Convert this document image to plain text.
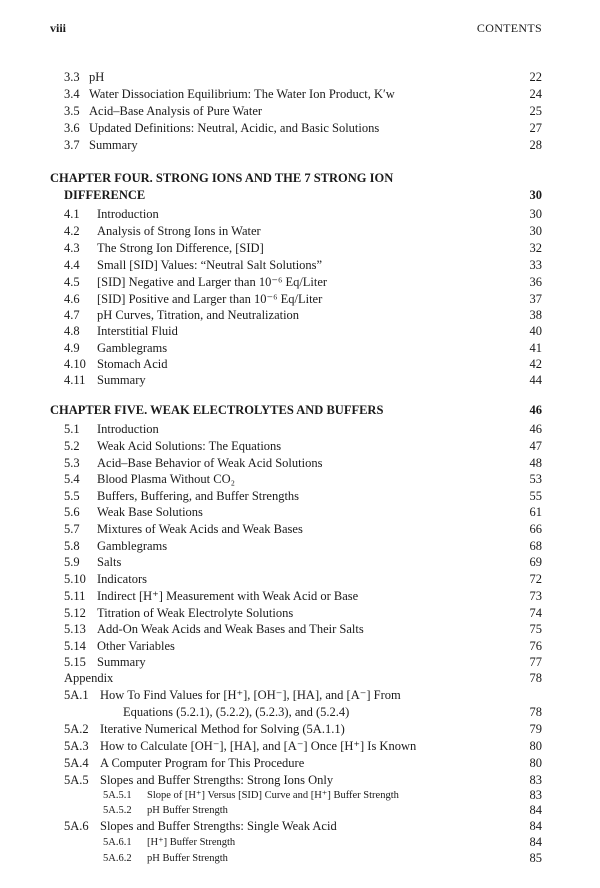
viii	CONTENTS
3.3 pH	22
3.4 Water Dissociation Equilibrium: The Water Ion Product, K′w	24
3.5 Acid–Base Analysis of Pure Water	25
3.6 Updated Definitions: Neutral, Acidic, and Basic Solutions	27
3.7 Summary	28
CHAPTER FOUR. STRONG IONS AND THE 7 STRONG ION
DIFFERENCE	30
4.1 Introduction	30
4.2 Analysis of Strong Ions in Water	30
4.3 The Strong Ion Difference, [SID]	32
4.4 Small [SID] Values: “Neutral Salt Solutions”	33
4.5 [SID] Negative and Larger than 10⁻⁶ Eq/Liter	36
4.6 [SID] Positive and Larger than 10⁻⁶ Eq/Liter	37
4.7 pH Curves, Titration, and Neutralization	38
4.8 Interstitial Fluid	40
4.9 Gamblegrams	41
4.10 Stomach Acid	42
4.11 Summary	44
CHAPTER FIVE. WEAK ELECTROLYTES AND BUFFERS	46
5.1 Introduction	46
5.2 Weak Acid Solutions: The Equations	47
5.3 Acid–Base Behavior of Weak Acid Solutions	48
5.4 Blood Plasma Without CO₂	53
5.5 Buffers, Buffering, and Buffer Strengths	55
5.6 Weak Base Solutions	61
5.7 Mixtures of Weak Acids and Weak Bases	66
5.8 Gamblegrams	68
5.9 Salts	69
5.10 Indicators	72
5.11 Indirect [H⁺] Measurement with Weak Acid or Base	73
5.12 Titration of Weak Electrolyte Solutions	74
5.13 Add-On Weak Acids and Weak Bases and Their Salts	75
5.14 Other Variables	76
5.15 Summary	77
Appendix	78
5A.1 How To Find Values for [H⁺], [OH⁻], [HA], and [A⁻] From
Equations (5.2.1), (5.2.2), (5.2.3), and (5.2.4)	78
5A.2 Iterative Numerical Method for Solving (5A.1.1)	79
5A.3 How to Calculate [OH⁻], [HA], and [A⁻] Once [H⁺] Is Known	80
5A.4 A Computer Program for This Procedure	80
5A.5 Slopes and Buffer Strengths: Strong Ions Only	83
5A.5.1 Slope of [H⁺] Versus [SID] Curve and [H⁺] Buffer Strength	83
5A.5.2 pH Buffer Strength	84
5A.6 Slopes and Buffer Strengths: Single Weak Acid	84
5A.6.1 [H⁺] Buffer Strength	84
5A.6.2 pH Buffer Strength	85
